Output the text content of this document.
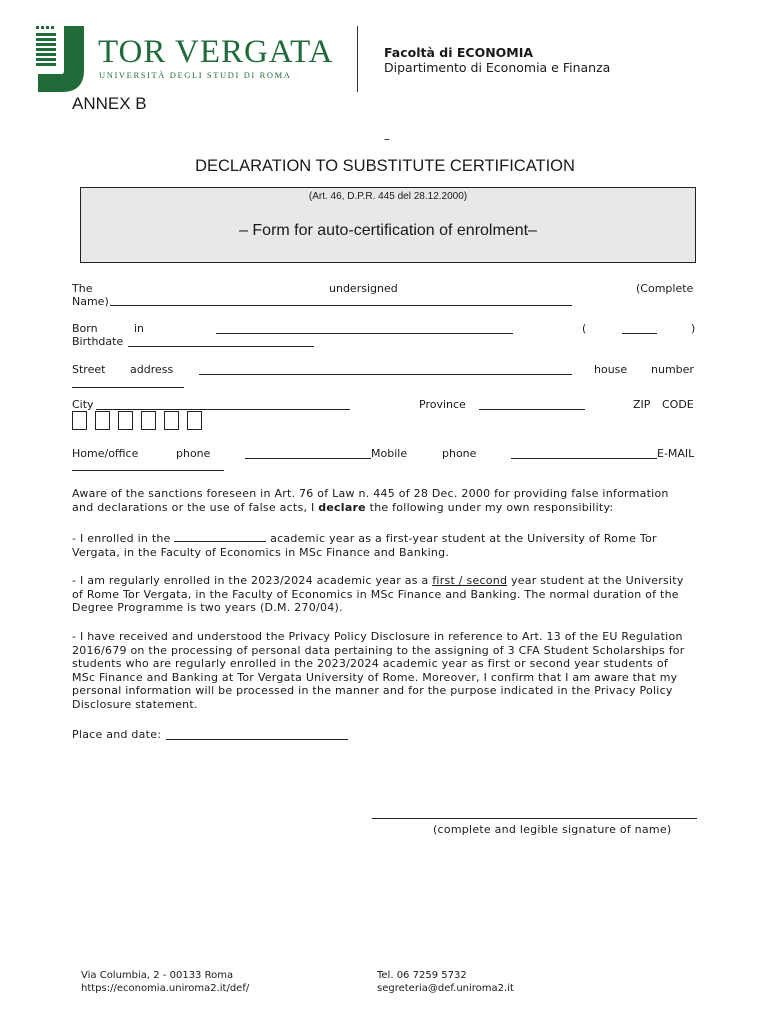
TOR VERGATA
UNIVERSITÀ DEGLI STUDI DI ROMA
Facoltà di ECONOMIA
Dipartimento di Economia e Finanza
ANNEX B
–
DECLARATION TO SUBSTITUTE CERTIFICATION
(Art. 46, D.P.R. 445 del 28.12.2000)
– Form for auto-certification of enrolment–
The	undersigned	(Complete
Name)
Born	in	(	)
Birthdate
Street address	house number
City	Province	ZIP CODE
Home/office	phone	Mobile	phone	E-MAIL
Aware of the sanctions foreseen in Art. 76 of Law n. 445 of 28 Dec. 2000 for providing false information
and declarations or the use of false acts, I declare the following under my own responsibility:
- I enrolled in the	academic year as a first-year student at the University of Rome Tor
Vergata, in the Faculty of Economics in MSc Finance and Banking.
- I am regularly enrolled in the 2023/2024 academic year as a first / second year student at the University
of Rome Tor Vergata, in the Faculty of Economics in MSc Finance and Banking. The normal duration of the
Degree Programme is two years (D.M. 270/04).
- I have received and understood the Privacy Policy Disclosure in reference to Art. 13 of the EU Regulation
2016/679 on the processing of personal data pertaining to the assigning of 3 CFA Student Scholarships for
students who are regularly enrolled in the 2023/2024 academic year as first or second year students of
MSc Finance and Banking at Tor Vergata University of Rome. Moreover, I confirm that I am aware that my
personal information will be processed in the manner and for the purpose indicated in the Privacy Policy
Disclosure statement.
Place and date:
(complete and legible signature of name)
Via Columbia, 2 - 00133 Roma
https://economia.uniroma2.it/def/
Tel. 06 7259 5732
segreteria@def.uniroma2.it
